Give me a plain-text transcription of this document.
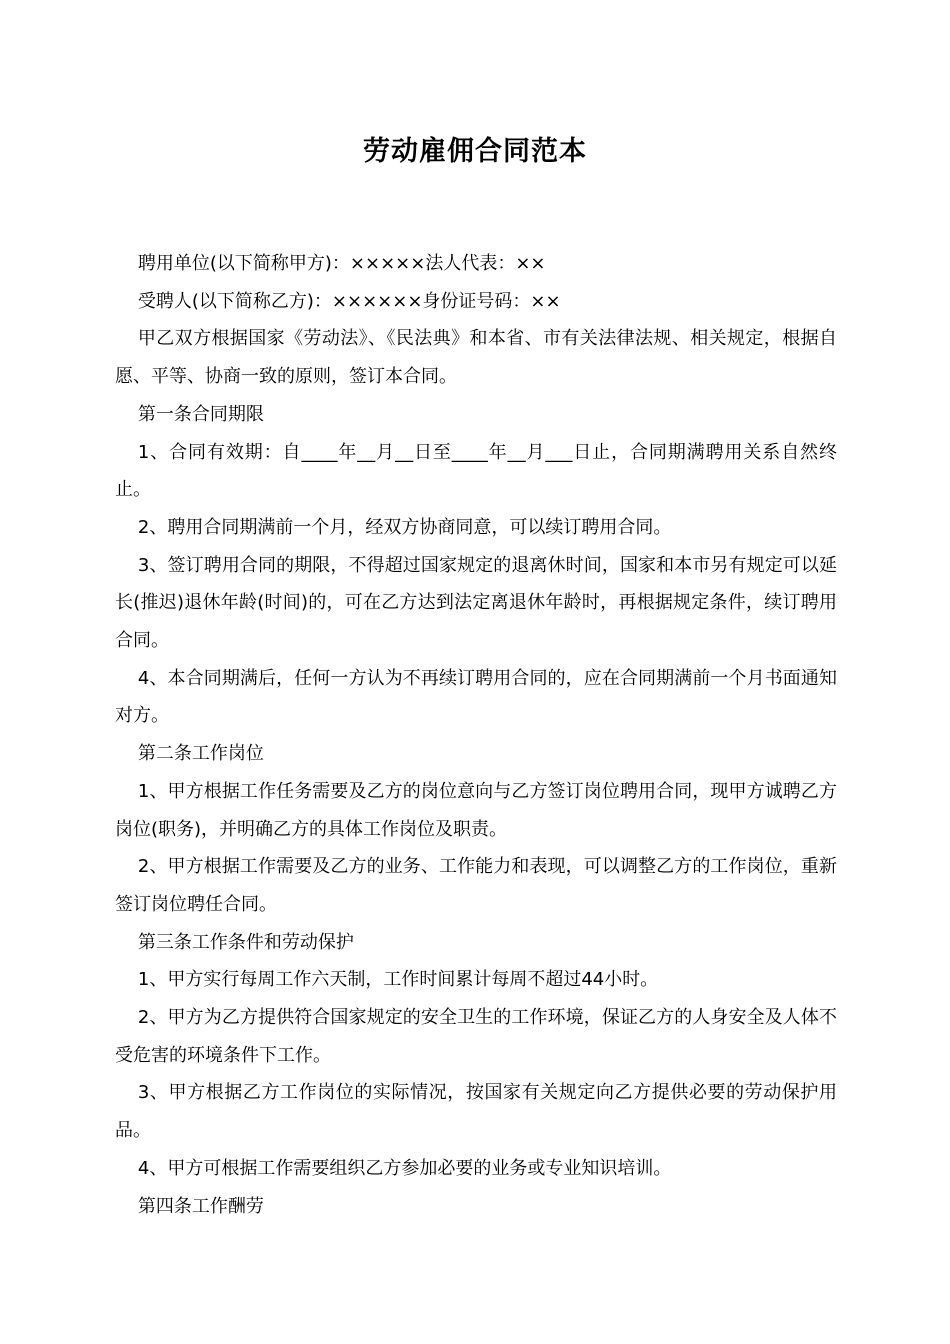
劳动雇佣合同范本

聘用单位(以下简称甲方)：×××××法人代表：××

受聘人(以下简称乙方)：××××××身份证号码：××

甲乙双方根据国家《劳动法》、《民法典》和本省、市有关法律法规、相关规定，根据自愿、平等、协商一致的原则，签订本合同。

第一条合同期限

1、合同有效期：自____年__月__日至____年__月___日止，合同期满聘用关系自然终止。

2、聘用合同期满前一个月，经双方协商同意，可以续订聘用合同。

3、签订聘用合同的期限，不得超过国家规定的退离休时间，国家和本市另有规定可以延长(推迟)退休年龄(时间)的，可在乙方达到法定离退休年龄时，再根据规定条件，续订聘用合同。

4、本合同期满后，任何一方认为不再续订聘用合同的，应在合同期满前一个月书面通知对方。

第二条工作岗位

1、甲方根据工作任务需要及乙方的岗位意向与乙方签订岗位聘用合同，现甲方诚聘乙方岗位(职务)，并明确乙方的具体工作岗位及职责。

2、甲方根据工作需要及乙方的业务、工作能力和表现，可以调整乙方的工作岗位，重新签订岗位聘任合同。

第三条工作条件和劳动保护

1、甲方实行每周工作六天制，工作时间累计每周不超过44小时。

2、甲方为乙方提供符合国家规定的安全卫生的工作环境，保证乙方的人身安全及人体不受危害的环境条件下工作。

3、甲方根据乙方工作岗位的实际情况，按国家有关规定向乙方提供必要的劳动保护用品。

4、甲方可根据工作需要组织乙方参加必要的业务或专业知识培训。

第四条工作酬劳
